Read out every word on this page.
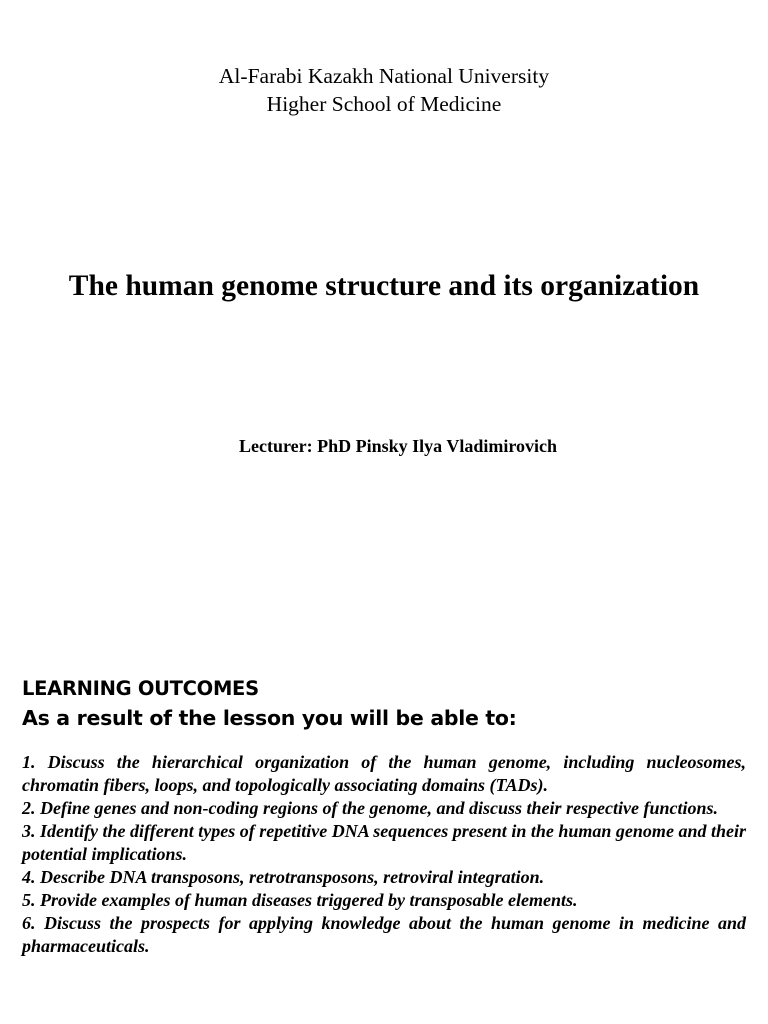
Al-Farabi Kazakh National University
Higher School of Medicine
The human genome structure and its organization
Lecturer: PhD Pinsky Ilya Vladimirovich
LEARNING OUTCOMES
As a result of the lesson you will be able to:

1. Discuss the hierarchical organization of the human genome, including nucleosomes, chromatin fibers, loops, and topologically associating domains (TADs).

2. Define genes and non-coding regions of the genome, and discuss their respective functions.

3. Identify the different types of repetitive DNA sequences present in the human genome and their potential implications.

4. Describe DNA transposons, retrotransposons, retroviral integration.

5. Provide examples of human diseases triggered by transposable elements.

6. Discuss the prospects for applying knowledge about the human genome in medicine and pharmaceuticals.
